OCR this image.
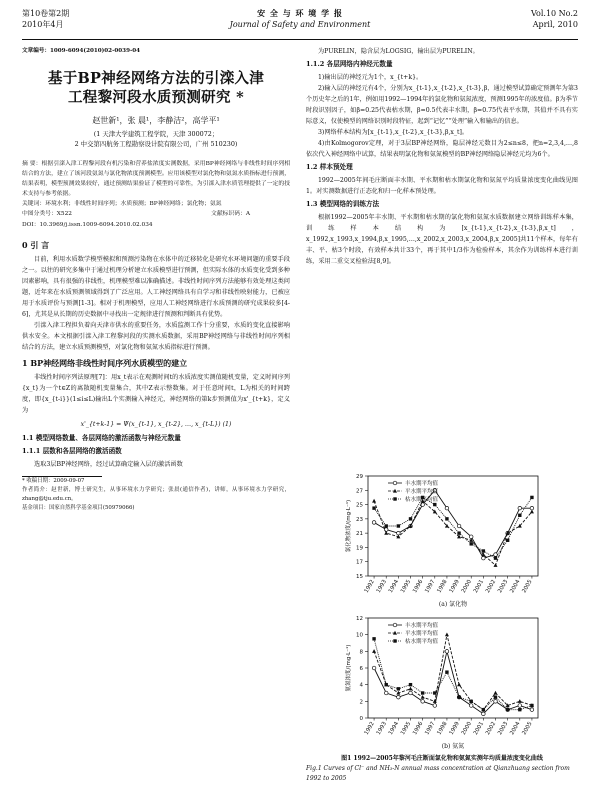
第10卷第2期
2010年4月
安 全 与 环 境 学 报
Journal of Safety and Environment
Vol.10 No.2
April, 2010
文章编号：1009-6094(2010)02-0039-04
基于BP神经网络方法的引滦入津
工程黎河段水质预测研究 *
赵世新¹，张 晨¹，李静洁²，高学平¹
(1 天津大学建筑工程学院，天津 300072；
2 中交第四航务工程勘察设计院有限公司，广州 510230)

摘 要：根据引滦入津工程黎河段有机污染和营养盐浓度实测数据，采用BP神经网络与非线性时间序列相结合的方法，建立了该河段氨氮与氯化物浓度预测模型。应用该模型对氯化物和氨氮水质指标进行预测，结果表明，模型预测效果较好，通过预测结果验证了模型的可靠性，为引滦入津水质管理提供了一定的技术支持与参考依据。

关键词：环境水利；非线性时间序列；水质预测；BP神经网络；氯化物；氨氮

中图分类号：X522	文献标识码：A
DOI：10.3969/j.issn.1009-6094.2010.02.034
0 引 言

目前，利用水质数学模型模拟和预测污染物在水体中的迁移转化是研究水环境问题的重要手段之一。以往的研究多集中于通过机理分析建立水质模型进行预测，但实际水体的水质变化受到多种因素影响，具有很强的非线性，机理模型难以准确描述。非线性时间序列方法能够有效处理这类问题，近年来在水质预测领域得到了广泛应用。人工神经网络具有自学习和非线性映射能力，已被应用于水质评价与预测[1-3]。相对于机理模型，应用人工神经网络进行水质预测的研究成果较多[4-6]，尤其是从长期的历史数据中寻找出一定规律进行预测和判断具有优势。

引滦入津工程担负着向天津市供水的重要任务，水质监测工作十分重要，水质的变化直接影响供水安全。本文根据引滦入津工程黎河段的实测水质数据，采用BP神经网络与非线性时间序列相结合的方法，建立水质预测模型，对氯化物和氨氮水质指标进行预测。

1 BP神经网络非线性时间序列水质模型的建立

非线性时间序列法原理[7]：用x_t表示在观测时间t的水质浓度实测值随机变量，定义时间序列{x_t}为一个t∈Z的离散随机变量集合，其中Z表示整数集。对于任意时间t，L为相关的时间跨度，即{x_{t-i}}(1≤i≤L)输出L个实测输入神经元，神经网络的第k步预测值为x'_{t+k}，定义为

x'_{t+k-1} = Ψ(x_{t-1}, x_{t-2}, …, x_{t-L}) (1)
1.1 模型网络数量、各层网络的激活函数与神经元数量
1.1.1 层数和各层网络的激活函数

选取3层BP神经网络，经过试算确定输入层的激活函数

* 收稿日期：2009-09-07
作者简介：赵世新，博士研究生，从事环境水力学研究；张晨(通信作者)，讲师，从事环境水力学研究，zhang@tju.edu.cn。
基金项目：国家自然科学基金项目(50979066)

为PURELIN，隐含层为LOGSIG，输出层为PURELIN。

1.1.2 各层网络内神经元数量

1)输出层的神经元为1个，x_{t+k}。

2)输入层的神经元有4个，分别为x_{t-1},x_{t-2},x_{t-3},β，通过模型试算确定预测年为第3个历史年之后的1年，例如用1992—1994年的氯化物和氨氮浓度，预测1995年的浓度值。β为季节时段识别因子，如β=0.25代表枯水期，β=0.5代表丰水期，β=0.75代表平水期，其值并不具有实际意义，仅使模型的网络识别时段特征，起到“记忆”“处理”输入和输出的信息。

3)网络样本结构为[x_{t-1},x_{t-2},x_{t-3},β,x_t]。

4)由Kolmogorov定理，对于3层BP神经网络，隐层神经元数目为2≤n≤8，把n=2,3,4,…,8依次代入神经网络中试算，结果表明氯化物和氨氮模型的BP神经网络隐层神经元均为6个。

1.2 样本预处理

1992—2005年间毛庄断面丰水期、平水期和枯水期氯化物和氨氮平均质量浓度变化曲线见图1。对实测数据进行正态化和归一化样本预处理。

1.3 模型网络的训练方法

根据1992—2005年丰水期、平水期和枯水期的氯化物和氨氮水质数据建立网络训练样本集，训练样本结构为[x_{t-1},x_{t-2},x_{t-3},β,x_t]，x_1992,x_1993,x_1994,β,x_1995,…,x_2002,x_2003,x_2004,β,x_2005]共11个样本，每年有丰、平、枯3个时段，有效样本共计33个，再于其中1/3作为检验样本，其余作为训练样本进行训练，采用二重交叉检验法[8,9]。

15
17
19
21
23
25
27
29
1992 1993 1994 1995 1996 1997 1998 1999 2000 2001 2002 2003 2004 2005
氯化物浓度/(mg·L⁻¹)
丰水期平均值
平水期平均值
枯水期平均值
(a) 氯化物
0
2
4
6
8
10
12
1992 1993 1994 1995 1996 1997 1998 1999 2000 2001 2002 2003 2004 2005
氨氮浓度/(mg·L⁻¹)
丰水期平均值
平水期平均值
枯水期平均值
(b) 氨氮
图1 1992—2005年黎河毛庄断面氯化物和氨氮实测年均质量浓度变化曲线
Fig.1 Curves of Cl⁻ and NH₃-N annual mass concentration at Qianzhuang section from 1992 to 2005
